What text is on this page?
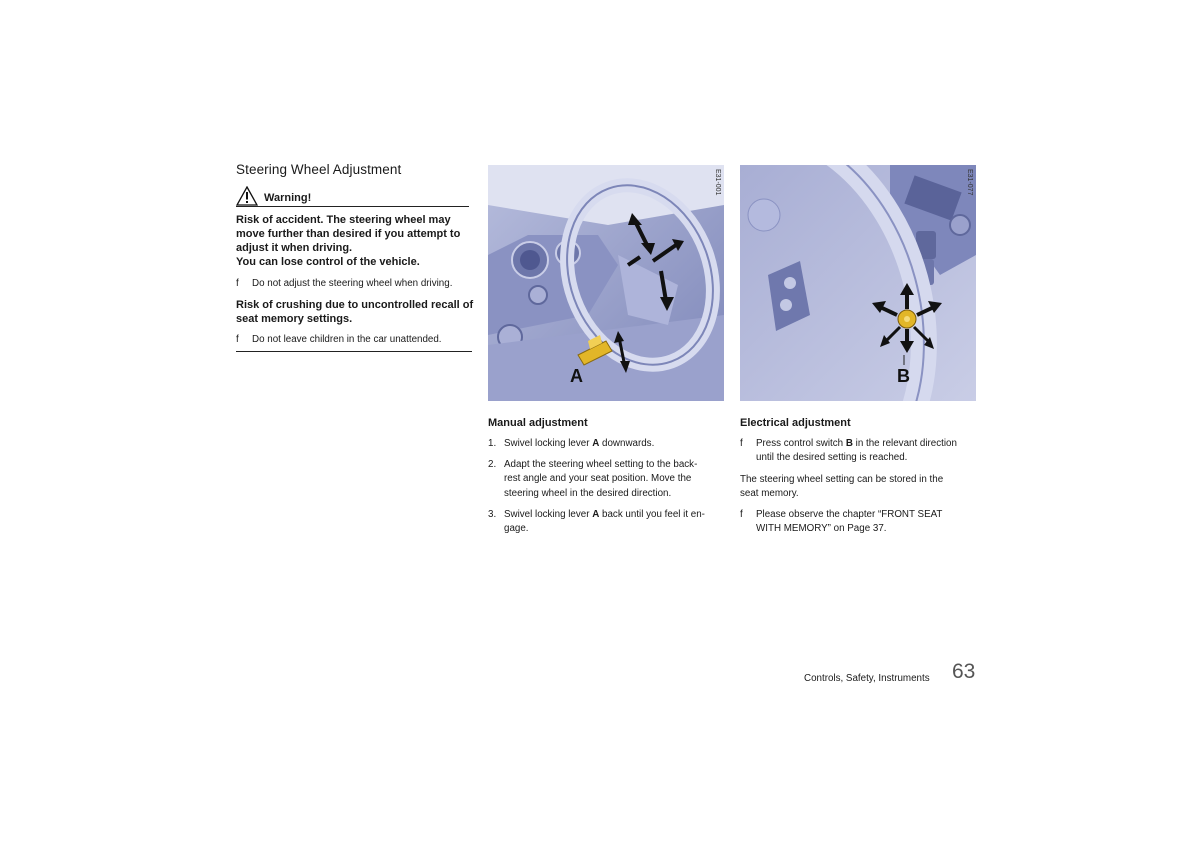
Steering Wheel Adjustment
Warning!
Risk of accident. The steering wheel may
move further than desired if you attempt to
adjust it when driving.
You can lose control of the vehicle.
f Do not adjust the steering wheel when driving.
Risk of crushing due to uncontrolled recall of
seat memory settings.
f Do not leave children in the car unattended.
A
E31-001
B
E31-077
Manual adjustment
1. Swivel locking lever A downwards.
2. Adapt the steering wheel setting to the back-
rest angle and your seat position. Move the
steering wheel in the desired direction.
3. Swivel locking lever A back until you feel it en-
gage.
Electrical adjustment
f Press control switch B in the relevant direction
until the desired setting is reached.
The steering wheel setting can be stored in the
seat memory.
f Please observe the chapter “FRONT SEAT
WITH MEMORY” on Page 37.
Controls, Safety, Instruments 63
